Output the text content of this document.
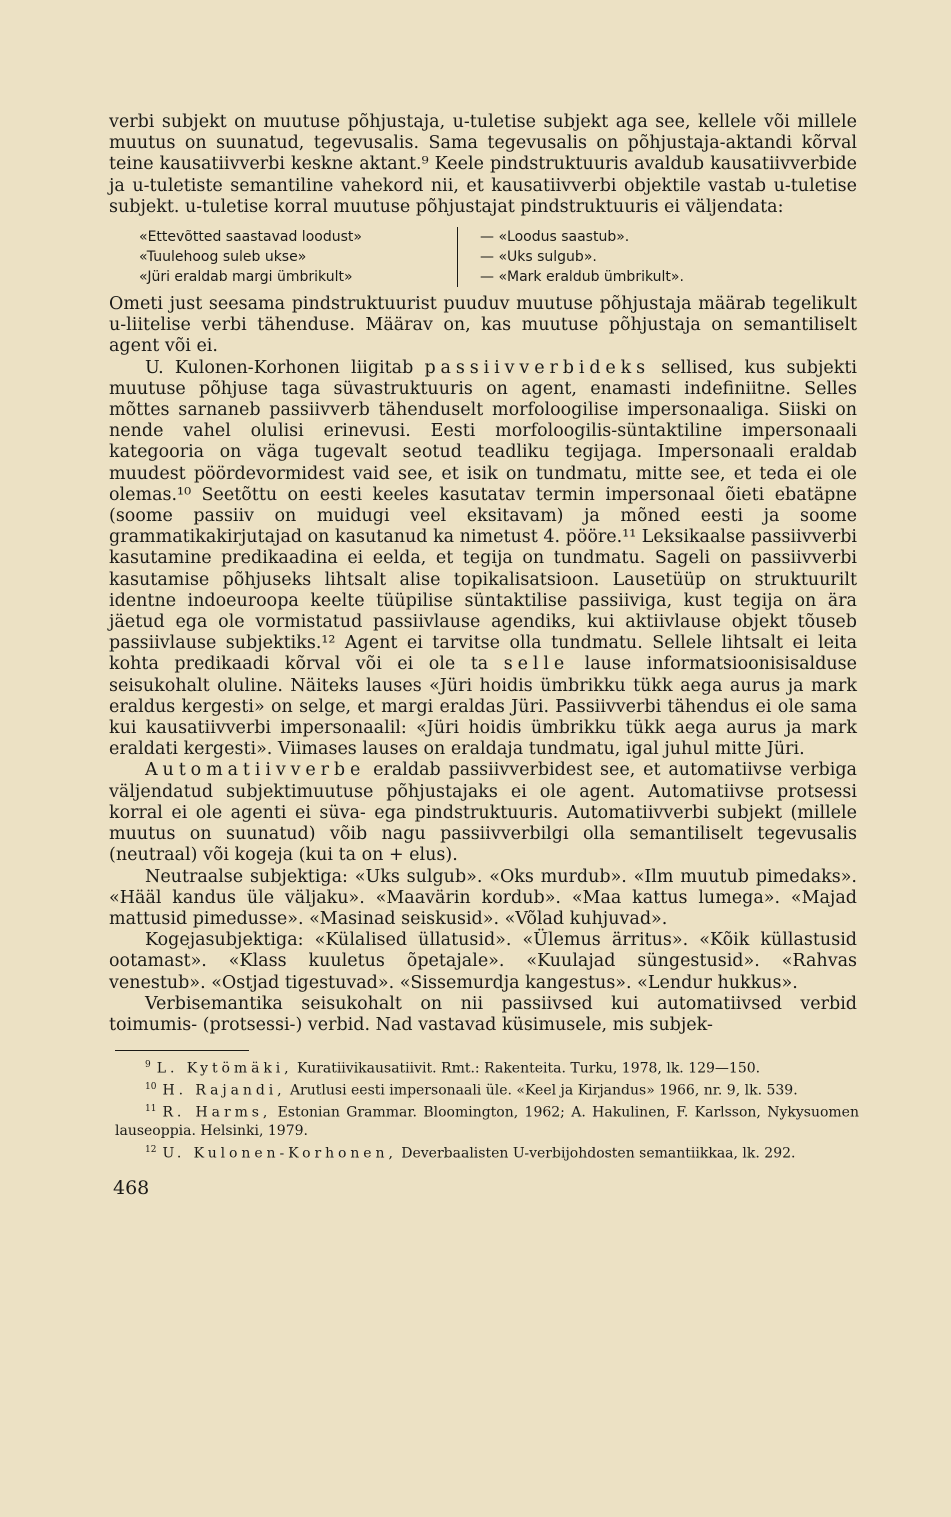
verbi subjekt on muutuse põhjustaja, u-tuletise subjekt aga see, kellele või millele muutus on suunatud, tegevusalis. Sama tegevusalis on põhjustaja-aktandi kõrval teine kausatiivverbi keskne aktant.⁹ Keele pindstruktuuris avaldub kausatiivverbide ja u-tuletiste semantiline vahekord nii, et kausatiivverbi objektile vastab u-tuletise subjekt. u-tuletise korral muutuse põhjustajat pindstruktuuris ei väljendata:

«Ettevõtted saastavad loodust»
«Tuulehoog suleb ukse»
«Jüri eraldab margi ümbrikult»
— «Loodus saastub».
— «Uks sulgub».
— «Mark eraldub ümbrikult».

Ometi just seesama pindstruktuurist puuduv muutuse põhjustaja määrab tegelikult u-liitelise verbi tähenduse. Määrav on, kas muutuse põhjustaja on semantiliselt agent või ei.

U. Kulonen-Korhonen liigitab passiivverbideks sellised, kus subjekti muutuse põhjuse taga süvastruktuuris on agent, enamasti indefiniitne. Selles mõttes sarnaneb passiivverb tähenduselt morfoloogilise impersonaaliga. Siiski on nende vahel olulisi erinevusi. Eesti morfoloogilis-süntaktiline impersonaali kategooria on väga tugevalt seotud teadliku tegijaga. Impersonaali eraldab muudest pöördevormidest vaid see, et isik on tundmatu, mitte see, et teda ei ole olemas.¹⁰ Seetõttu on eesti keeles kasutatav termin impersonaal õieti ebatäpne (soome passiiv on muidugi veel eksitavam) ja mõned eesti ja soome grammatikakirjutajad on kasutanud ka nimetust 4. pööre.¹¹ Leksikaalse passiivverbi kasutamine predikaadina ei eelda, et tegija on tundmatu. Sageli on passiivverbi kasutamise põhjuseks lihtsalt alise topikalisatsioon. Lausetüüp on struktuurilt identne indoeuroopa keelte tüüpilise süntaktilise passiiviga, kust tegija on ära jäetud ega ole vormistatud passiivlause agendiks, kui aktiivlause objekt tõuseb passiivlause subjektiks.¹² Agent ei tarvitse olla tundmatu. Sellele lihtsalt ei leita kohta predikaadi kõrval või ei ole ta selle lause informatsioonisisalduse seisukohalt oluline. Näiteks lauses «Jüri hoidis ümbrikku tükk aega aurus ja mark eraldus kergesti» on selge, et margi eraldas Jüri. Passiivverbi tähendus ei ole sama kui kausatiivverbi impersonaalil: «Jüri hoidis ümbrikku tükk aega aurus ja mark eraldati kergesti». Viimases lauses on eraldaja tundmatu, igal juhul mitte Jüri.

Automatiivverbe eraldab passiivverbidest see, et automatiivse verbiga väljendatud subjektimuutuse põhjustajaks ei ole agent. Automatiivse protsessi korral ei ole agenti ei süva- ega pindstruktuuris. Automatiivverbi subjekt (millele muutus on suunatud) võib nagu passiivverbilgi olla semantiliselt tegevusalis (neutraal) või kogeja (kui ta on + elus).

Neutraalse subjektiga: «Uks sulgub». «Oks murdub». «Ilm muutub pimedaks». «Hääl kandus üle väljaku». «Maavärin kordub». «Maa kattus lumega». «Majad mattusid pimedusse». «Masinad seiskusid». «Võlad kuhjuvad».

Kogejasubjektiga: «Külalised üllatusid». «Ülemus ärritus». «Kõik küllastusid ootamast». «Klass kuuletus õpetajale». «Kuulajad süngestusid». «Rahvas venestub». «Ostjad tigestuvad». «Sissemurdja kangestus». «Lendur hukkus».

Verbisemantika seisukohalt on nii passiivsed kui automatiivsed verbid toimumis- (protsessi-) verbid. Nad vastavad küsimusele, mis subjek-

$^9$ L. Kytömäki, Kuratiivikausatiivit. Rmt.: Rakenteita. Turku, 1978, lk. 129—150.

$^{10}$ H. Rajandi, Arutlusi eesti impersonaali üle. «Keel ja Kirjandus» 1966, nr. 9, lk. 539.

$^{11}$ R. Harms, Estonian Grammar. Bloomington, 1962; A. Hakulinen, F. Karlsson, Nykysuomen lauseoppia. Helsinki, 1979.

$^{12}$ U. Kulonen-Korhonen, Deverbaalisten U-verbijohdosten semantiikkaa, lk. 292.

468
